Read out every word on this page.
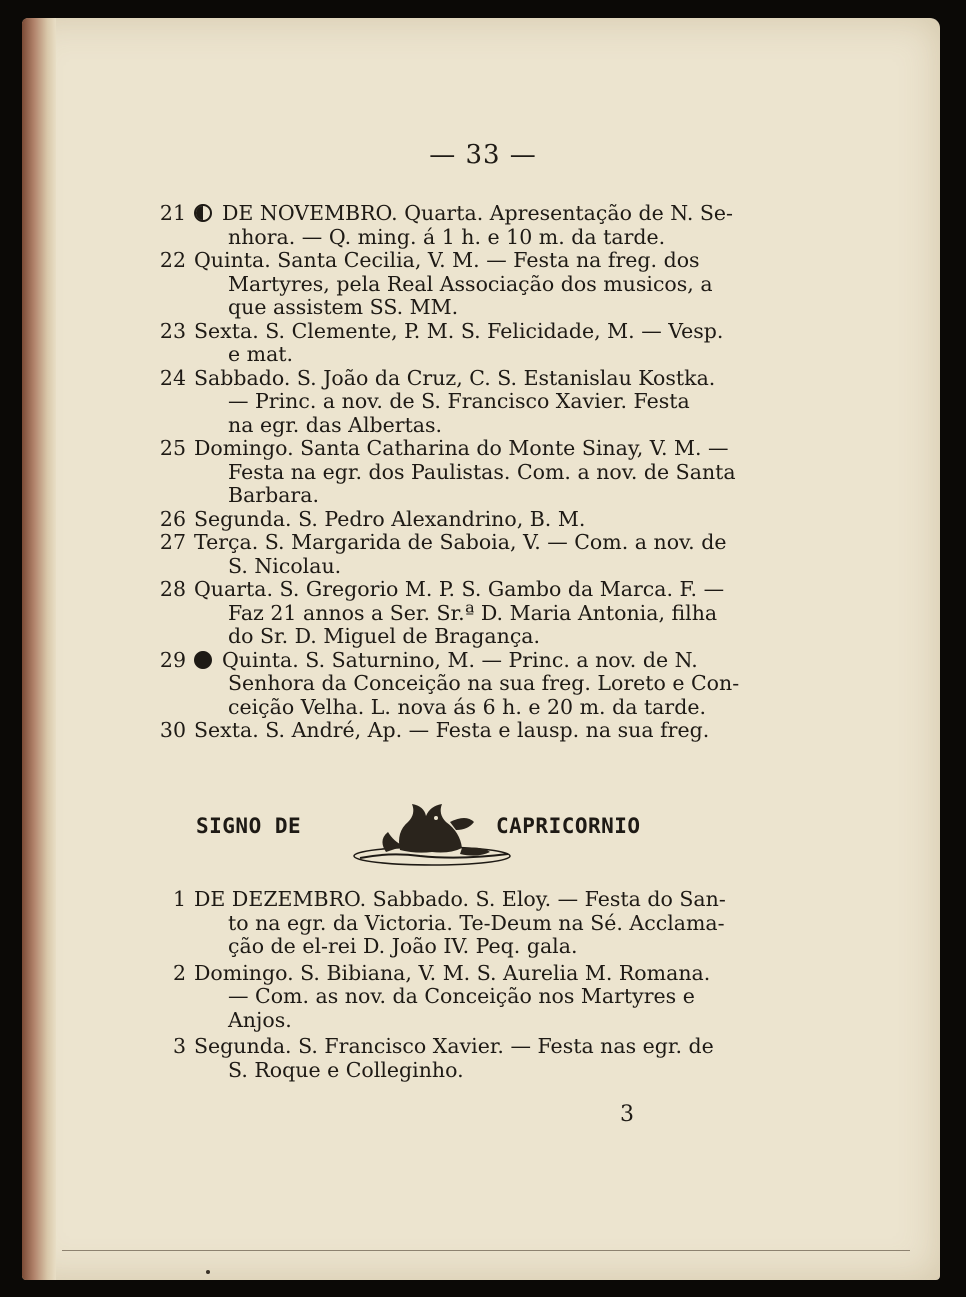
— 33 —
21	DE NOVEMBRO. Quarta. Apresentação de N. Se-
nhora. — Q. ming. á 1 h. e 10 m. da tarde.
22 Quinta. Santa Cecilia, V. M. — Festa na freg. dos
Martyres, pela Real Associação dos musicos, a
que assistem SS. MM.
23 Sexta. S. Clemente, P. M. S. Felicidade, M. — Vesp.
e mat.
24 Sabbado. S. João da Cruz, C. S. Estanislau Kostka.
— Princ. a nov. de S. Francisco Xavier. Festa
na egr. das Albertas.
25 Domingo. Santa Catharina do Monte Sinay, V. M. —
Festa na egr. dos Paulistas. Com. a nov. de Santa
Barbara.
26 Segunda. S. Pedro Alexandrino, B. M.
27 Terça. S. Margarida de Saboia, V. — Com. a nov. de
S. Nicolau.
28 Quarta. S. Gregorio M. P. S. Gambo da Marca. F. —
Faz 21 annos a Ser. Sr.ª D. Maria Antonia, filha
do Sr. D. Miguel de Bragança.
29	Quinta. S. Saturnino, M. — Princ. a nov. de N.
Senhora da Conceição na sua freg. Loreto e Con-
ceição Velha. L. nova ás 6 h. e 20 m. da tarde.
30 Sexta. S. André, Ap. — Festa e lausp. na sua freg.
SIGNO DE	CAPRICORNIO
1 DE DEZEMBRO. Sabbado. S. Eloy. — Festa do San-
to na egr. da Victoria. Te-Deum na Sé. Acclama-
ção de el-rei D. João IV. Peq. gala.
2 Domingo. S. Bibiana, V. M. S. Aurelia M. Romana.
— Com. as nov. da Conceição nos Martyres e
Anjos.
3 Segunda. S. Francisco Xavier. — Festa nas egr. de
S. Roque e Colleginho.
3
